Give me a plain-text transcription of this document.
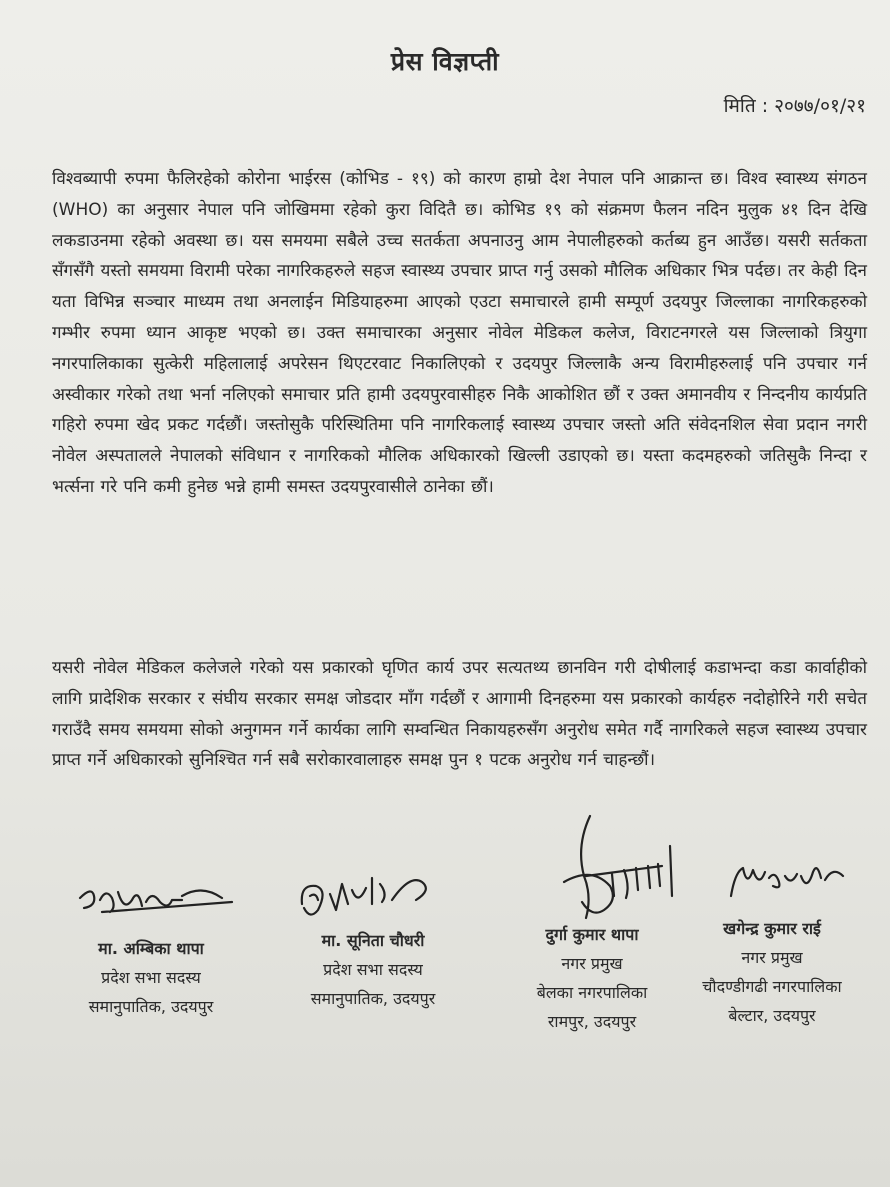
प्रेस विज्ञप्ती
मिति : २०७७/०१/२१
विश्वब्यापी रुपमा फैलिरहेको कोरोना भाईरस (कोभिड - १९) को कारण हाम्रो देश नेपाल पनि आक्रान्त छ। विश्व स्वास्थ्य संगठन (WHO) का अनुसार नेपाल पनि जोखिममा रहेको कुरा विदितै छ। कोभिड १९ को संक्रमण फैलन नदिन मुलुक ४१ दिन देखि लकडाउनमा रहेको अवस्था छ। यस समयमा सबैले उच्च सतर्कता अपनाउनु आम नेपालीहरुको कर्तब्य हुन आउँछ। यसरी सर्तकता सँगसँगै यस्तो समयमा विरामी परेका नागरिकहरुले सहज स्वास्थ्य उपचार प्राप्त गर्नु उसको मौलिक अधिकार भित्र पर्दछ। तर केही दिन यता विभिन्न सञ्चार माध्यम तथा अनलाईन मिडियाहरुमा आएको एउटा समाचारले हामी सम्पूर्ण उदयपुर जिल्लाका नागरिकहरुको गम्भीर रुपमा ध्यान आकृष्ट भएको छ। उक्त समाचारका अनुसार नोवेल मेडिकल कलेज, विराटनगरले यस जिल्लाको त्रियुगा नगरपालिकाका सुत्केरी महिलालाई अपरेसन थिएटरवाट निकालिएको र उदयपुर जिल्लाकै अन्य विरामीहरुलाई पनि उपचार गर्न अस्वीकार गरेको तथा भर्ना नलिएको समाचार प्रति हामी उदयपुरवासीहरु निकै आकोशित छौं र उक्त अमानवीय र निन्दनीय कार्यप्रति गहिरो रुपमा खेद प्रकट गर्दछौं। जस्तोसुकै परिस्थितिमा पनि नागरिकलाई स्वास्थ्य उपचार जस्तो अति संवेदनशिल सेवा प्रदान नगरी नोवेल अस्पतालले नेपालको संविधान र नागरिकको मौलिक अधिकारको खिल्ली उडाएको छ। यस्ता कदमहरुको जतिसुकै निन्दा र भर्त्सना गरे पनि कमी हुनेछ भन्ने हामी समस्त उदयपुरवासीले ठानेका छौं।
यसरी नोवेल मेडिकल कलेजले गरेको यस प्रकारको घृणित कार्य उपर सत्यतथ्य छानविन गरी दोषीलाई कडाभन्दा कडा कार्वाहीको लागि प्रादेशिक सरकार र संघीय सरकार समक्ष जोडदार माँग गर्दछौं र आगामी दिनहरुमा यस प्रकारको कार्यहरु नदोहोरिने गरी सचेत गराउँदै समय समयमा सोको अनुगमन गर्ने कार्यका लागि सम्वन्धित निकायहरुसँग अनुरोध समेत गर्दै नागरिकले सहज स्वास्थ्य उपचार प्राप्त गर्ने अधिकारको सुनिश्चित गर्न सबै सरोकारवालाहरु समक्ष पुन १ पटक अनुरोध गर्न चाहन्छौं।
मा. अम्बिका थापा
प्रदेश सभा सदस्य
समानुपातिक, उदयपुर
मा. सूनिता चौधरी
प्रदेश सभा सदस्य
समानुपातिक, उदयपुर
दुर्गा कुमार थापा
नगर प्रमुख
बेलका नगरपालिका
रामपुर, उदयपुर
खगेन्द्र कुमार राई
नगर प्रमुख
चौदण्डीगढी नगरपालिका
बेल्टार, उदयपुर
